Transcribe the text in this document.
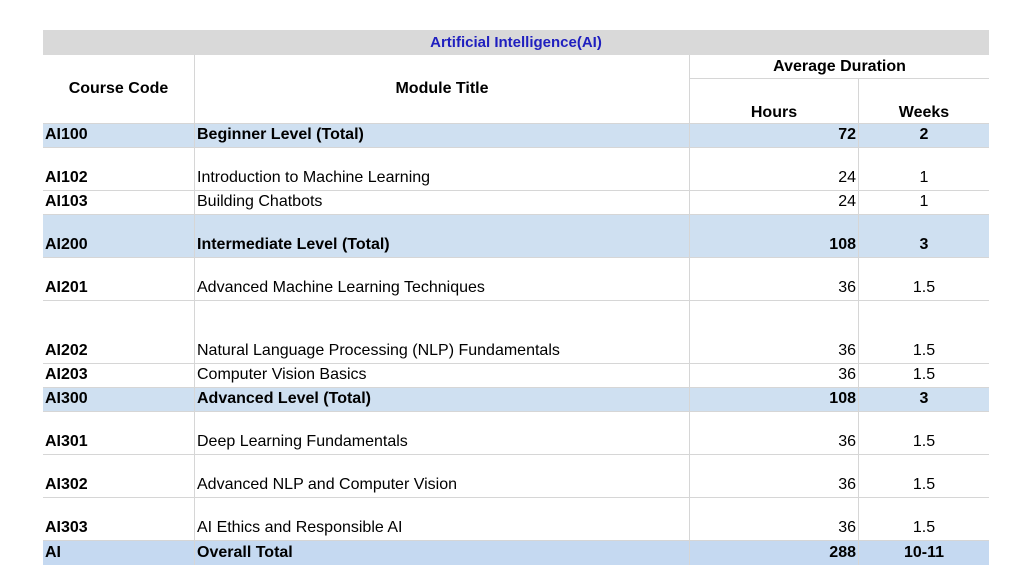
Artificial Intelligence(AI)
Course Code	Module Title
Average Duration
Hours	Weeks
AI100	Beginner Level (Total)	72	2
AI102	Introduction to Machine Learning	24	1
AI103	Building Chatbots	24	1
AI200	Intermediate Level (Total)	108	3
AI201	Advanced Machine Learning Techniques	36	1.5
AI202	Natural Language Processing (NLP) Fundamentals	36	1.5
AI203	Computer Vision Basics	36	1.5
AI300	Advanced Level (Total)	108	3
AI301	Deep Learning Fundamentals	36	1.5
AI302	Advanced NLP and Computer Vision	36	1.5
AI303	AI Ethics and Responsible AI	36	1.5
AI	Overall Total	288	10-11
